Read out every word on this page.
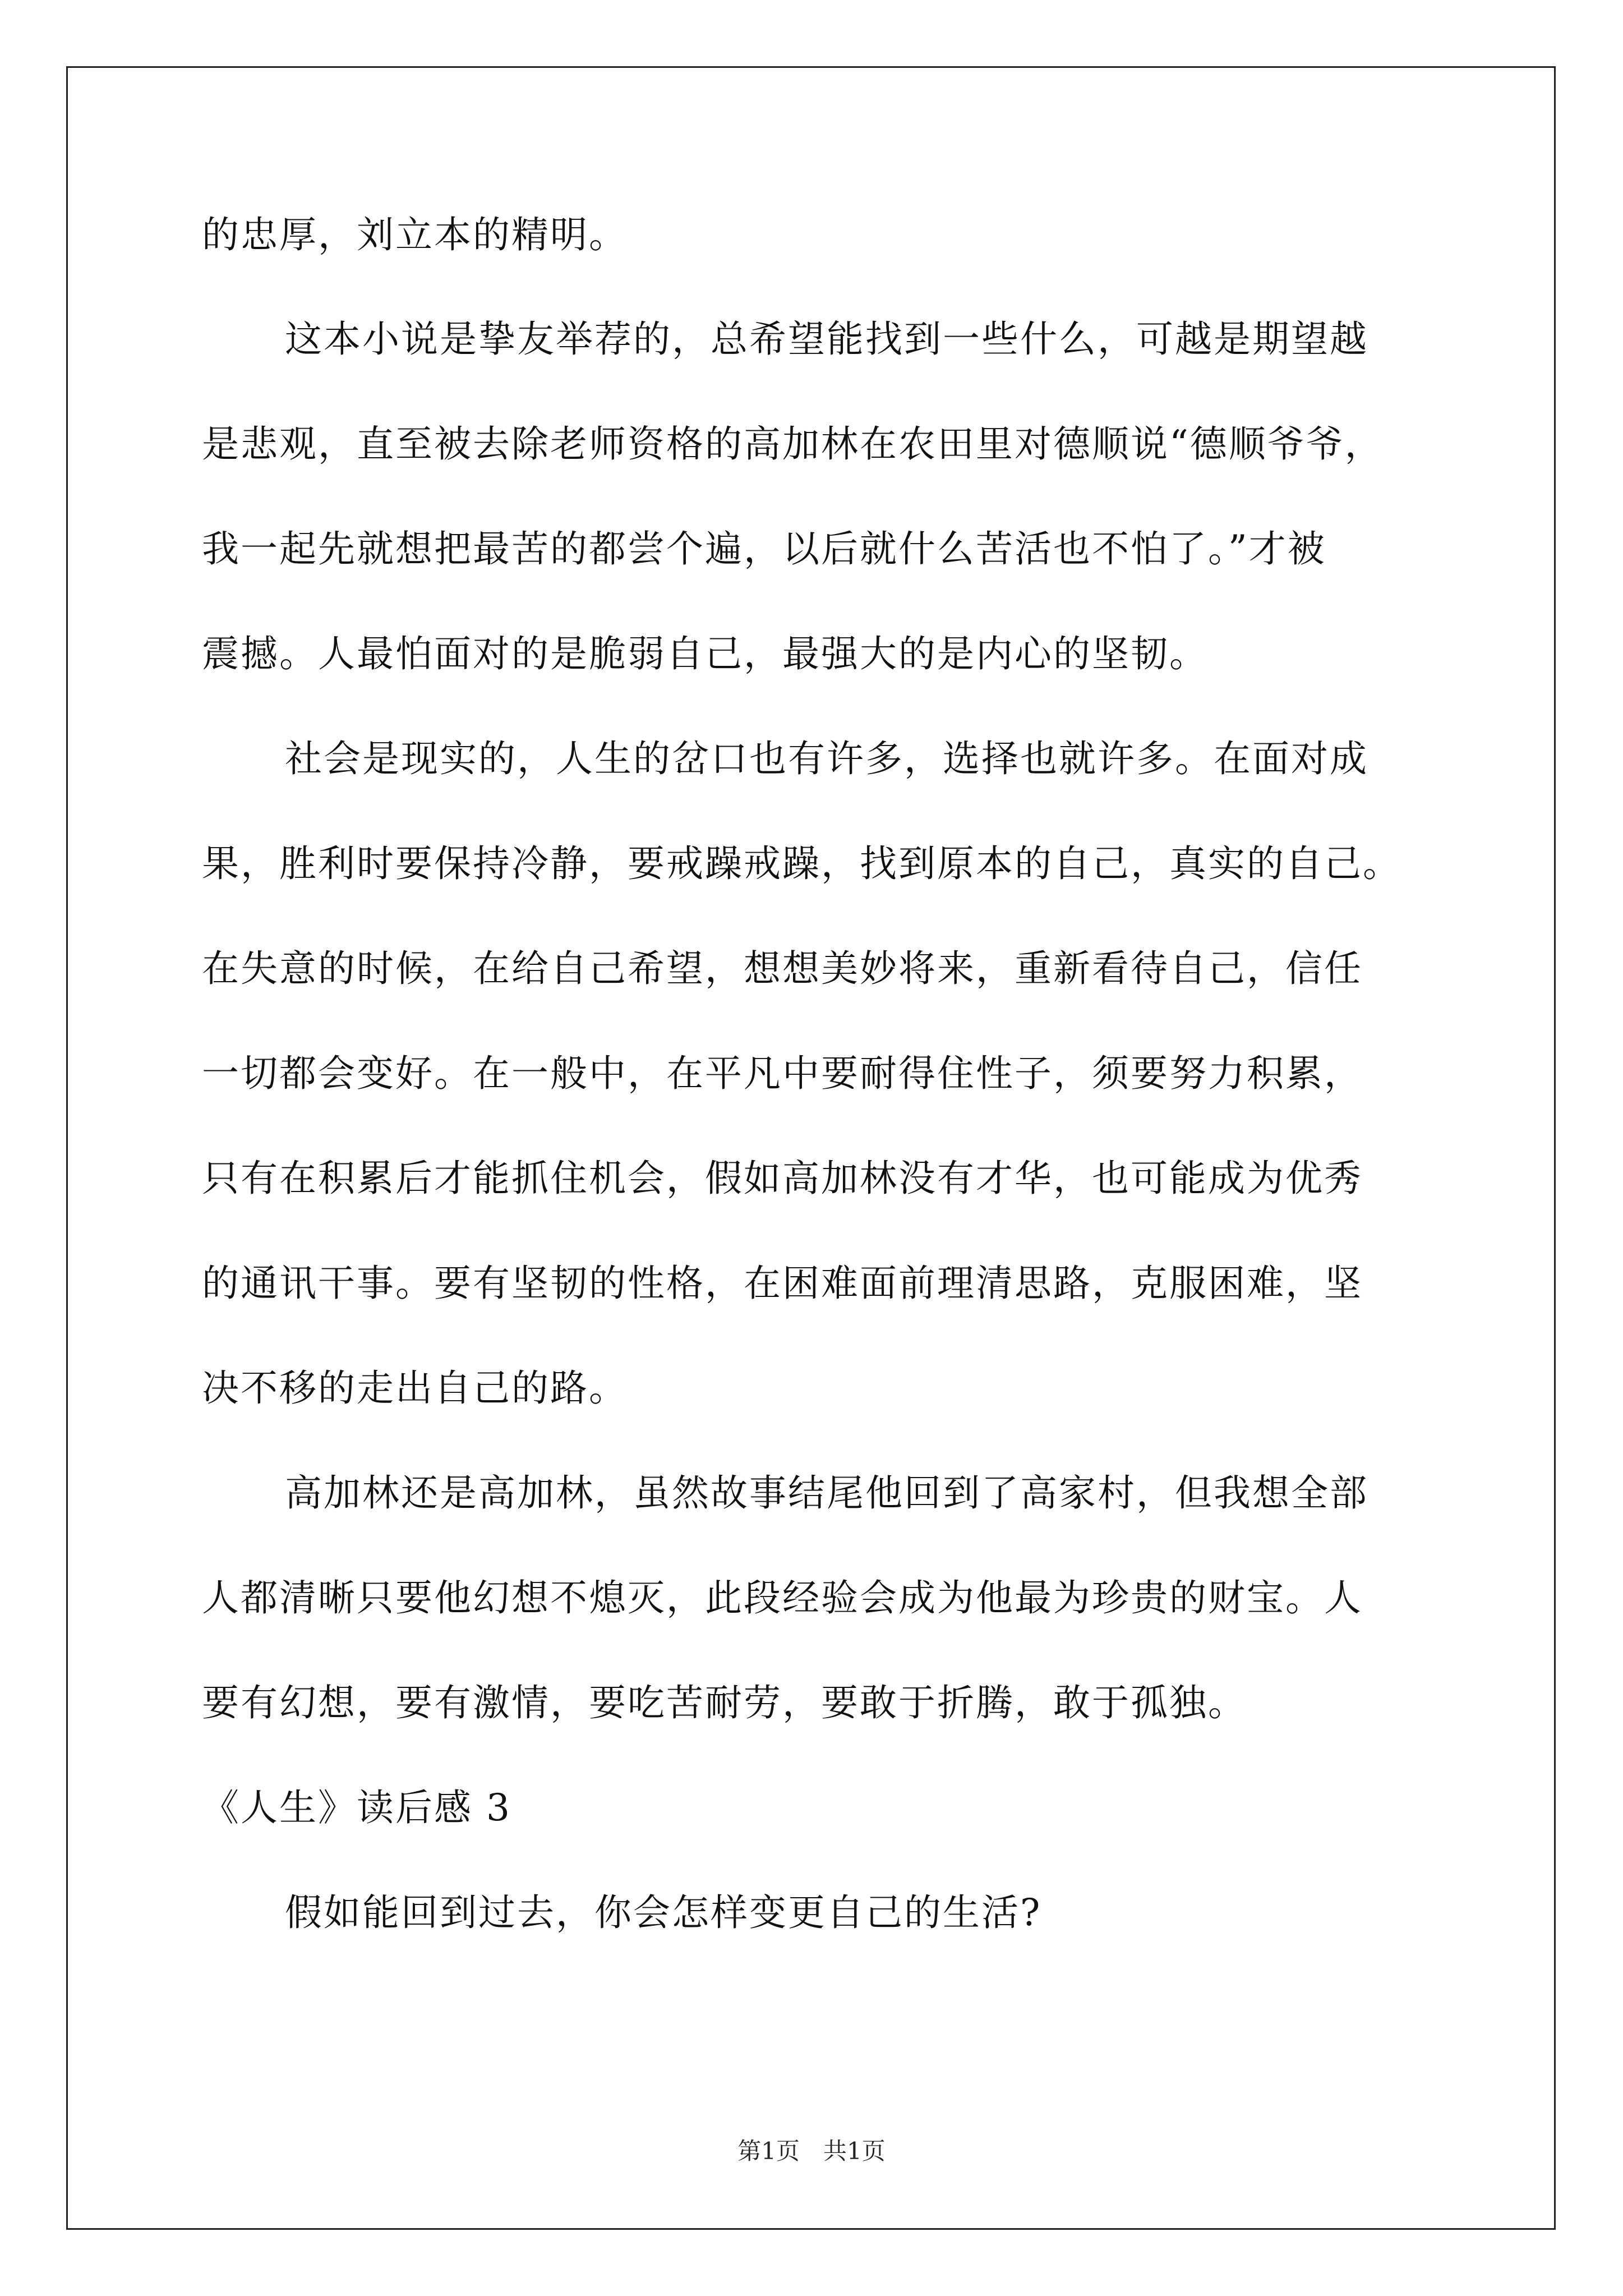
的忠厚，刘立本的精明。
这本小说是挚友举荐的，总希望能找到一些什么，可越是期望越
是悲观，直至被去除老师资格的高加林在农田里对德顺说“德顺爷爷，
我一起先就想把最苦的都尝个遍，以后就什么苦活也不怕了。”才被
震撼。人最怕面对的是脆弱自己，最强大的是内心的坚韧。
社会是现实的，人生的岔口也有许多，选择也就许多。在面对成
果，胜利时要保持冷静，要戒躁戒躁，找到原本的自己，真实的自己。
在失意的时候，在给自己希望，想想美妙将来，重新看待自己，信任
一切都会变好。在一般中，在平凡中要耐得住性子，须要努力积累，
只有在积累后才能抓住机会，假如高加林没有才华，也可能成为优秀
的通讯干事。要有坚韧的性格，在困难面前理清思路，克服困难，坚
决不移的走出自己的路。
高加林还是高加林，虽然故事结尾他回到了高家村，但我想全部
人都清晰只要他幻想不熄灭，此段经验会成为他最为珍贵的财宝。人
要有幻想，要有激情，要吃苦耐劳，要敢于折腾，敢于孤独。
《人生》读后感 3
假如能回到过去，你会怎样变更自己的生活?
第1页　共1页
